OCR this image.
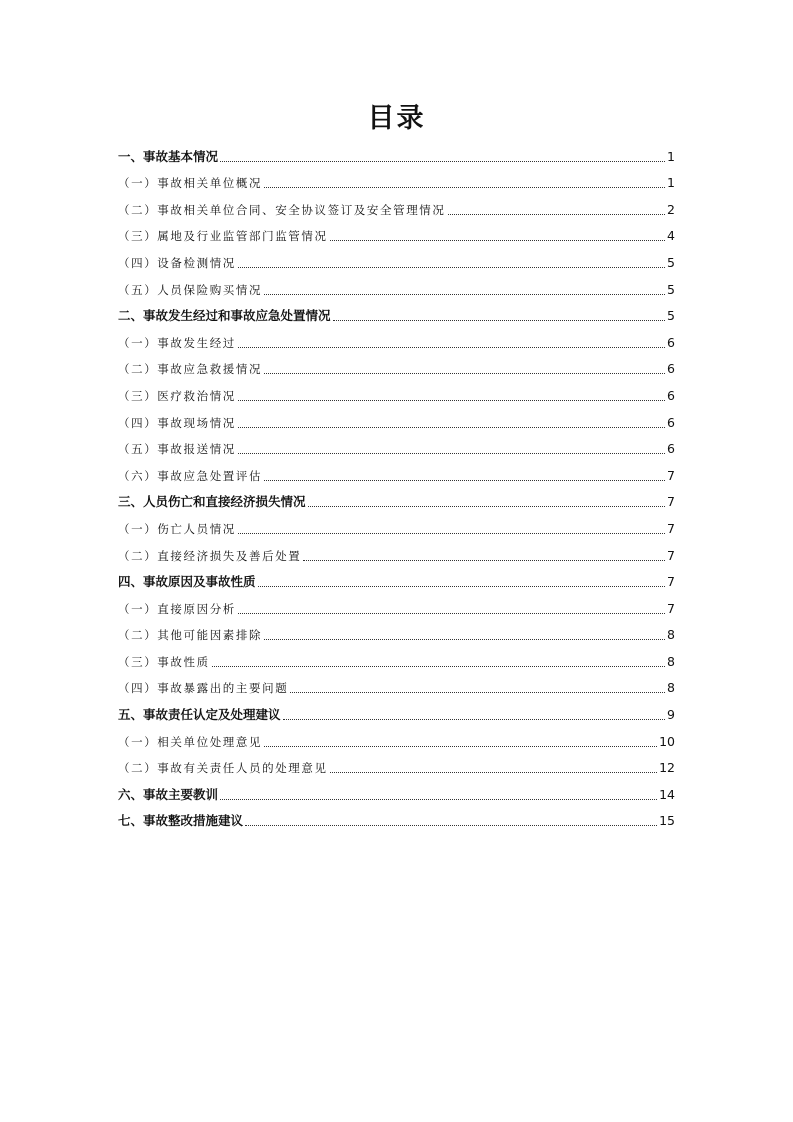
目录
一、事故基本情况	1
（一）事故相关单位概况	1
（二）事故相关单位合同、安全协议签订及安全管理情况	2
（三）属地及行业监管部门监管情况	4
（四）设备检测情况	5
（五）人员保险购买情况	5
二、事故发生经过和事故应急处置情况	5
（一）事故发生经过	6
（二）事故应急救援情况	6
（三）医疗救治情况	6
（四）事故现场情况	6
（五）事故报送情况	6
（六）事故应急处置评估	7
三、人员伤亡和直接经济损失情况	7
（一）伤亡人员情况	7
（二）直接经济损失及善后处置	7
四、事故原因及事故性质	7
（一）直接原因分析	7
（二）其他可能因素排除	8
（三）事故性质	8
（四）事故暴露出的主要问题	8
五、事故责任认定及处理建议	9
（一）相关单位处理意见	10
（二）事故有关责任人员的处理意见	12
六、事故主要教训	14
七、事故整改措施建议	15
